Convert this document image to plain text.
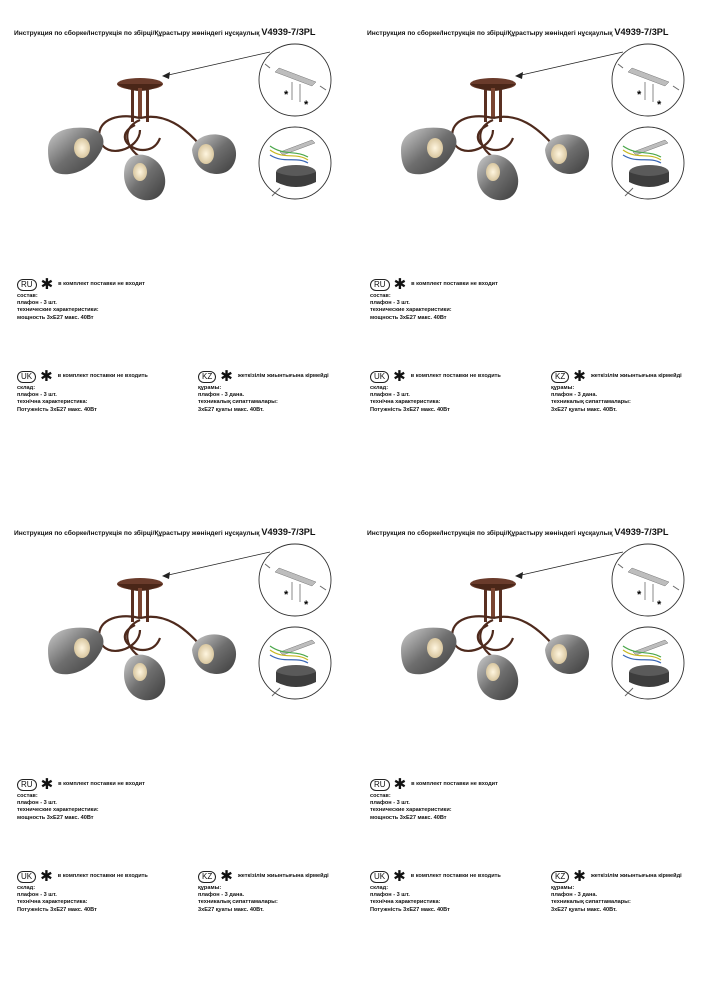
Инструкция по сборке/Інструкція по збірці/Құрастыру жөніндегі нұсқаулық V4939-7/3PL
*
*
RU ✱ в комплект поставки не входит
состав:
плафон - 3 шт.
технические характеристики:
мощность 3хЕ27 макс. 40Вт
UK ✱ в комплект поставки не входить
склад:
плафон - 3 шт.
технічна характеристика:
Потужність 3хЕ27 макс. 40Вт
KZ ✱ жеткізілім жиынтығына кірмейді
құрамы:
плафон - 3 дана.
техникалық сипаттамалары:
3хЕ27 қуаты макс. 40Вт.
Инструкция по сборке/Інструкція по збірці/Құрастыру жөніндегі нұсқаулық V4939-7/3PL
*
*
RU ✱ в комплект поставки не входит
состав:
плафон - 3 шт.
технические характеристики:
мощность 3хЕ27 макс. 40Вт
UK ✱ в комплект поставки не входить
склад:
плафон - 3 шт.
технічна характеристика:
Потужність 3хЕ27 макс. 40Вт
KZ ✱ жеткізілім жиынтығына кірмейді
құрамы:
плафон - 3 дана.
техникалық сипаттамалары:
3хЕ27 қуаты макс. 40Вт.
Инструкция по сборке/Інструкція по збірці/Құрастыру жөніндегі нұсқаулық V4939-7/3PL
*
*
RU ✱ в комплект поставки не входит
состав:
плафон - 3 шт.
технические характеристики:
мощность 3хЕ27 макс. 40Вт
UK ✱ в комплект поставки не входить
склад:
плафон - 3 шт.
технічна характеристика:
Потужність 3хЕ27 макс. 40Вт
KZ ✱ жеткізілім жиынтығына кірмейді
құрамы:
плафон - 3 дана.
техникалық сипаттамалары:
3хЕ27 қуаты макс. 40Вт.
Инструкция по сборке/Інструкція по збірці/Құрастыру жөніндегі нұсқаулық V4939-7/3PL
*
*
RU ✱ в комплект поставки не входит
состав:
плафон - 3 шт.
технические характеристики:
мощность 3хЕ27 макс. 40Вт
UK ✱ в комплект поставки не входить
склад:
плафон - 3 шт.
технічна характеристика:
Потужність 3хЕ27 макс. 40Вт
KZ ✱ жеткізілім жиынтығына кірмейді
құрамы:
плафон - 3 дана.
техникалық сипаттамалары:
3хЕ27 қуаты макс. 40Вт.
